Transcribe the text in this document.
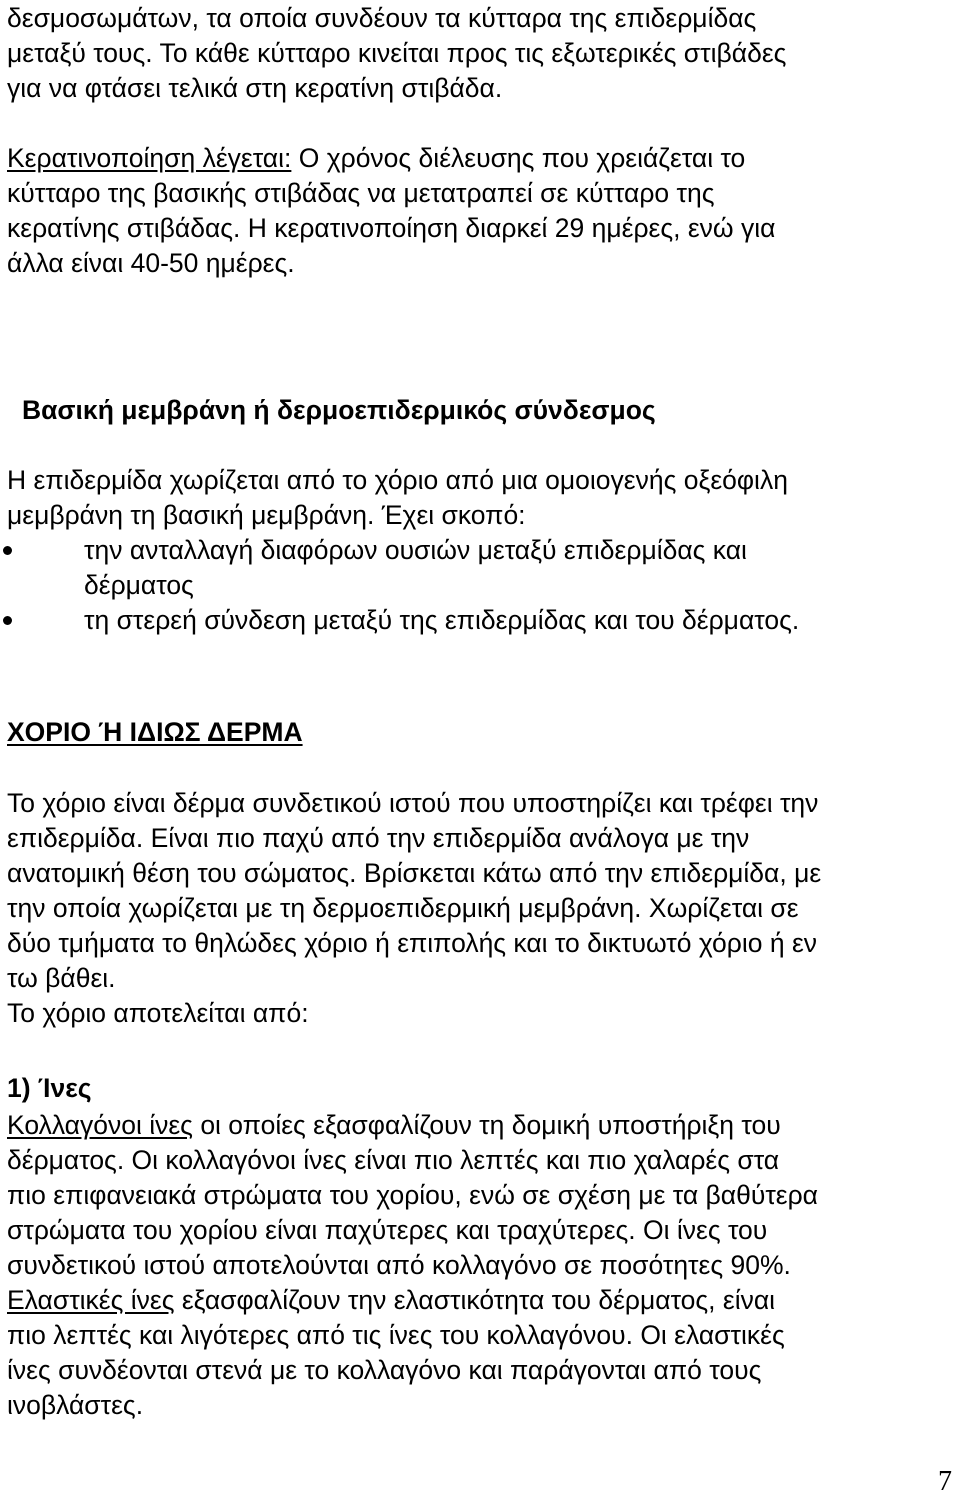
δεσμοσωμάτων, τα οποία συνδέουν τα κύτταρα της επιδερμίδας
μεταξύ τους. Το κάθε κύτταρο κινείται προς τις εξωτερικές στιβάδες
για να φτάσει τελικά στη κερατίνη στιβάδα.
Κερατινοποίηση λέγεται: Ο χρόνος διέλευσης που χρειάζεται το
κύτταρο της βασικής στιβάδας να μετατραπεί σε κύτταρο της
κερατίνης στιβάδας. Η κερατινοποίηση διαρκεί 29 ημέρες, ενώ για
άλλα είναι 40-50 ημέρες.
Βασική μεμβράνη ή δερμοεπιδερμικός σύνδεσμος
Η επιδερμίδα χωρίζεται από το χόριο από μια ομοιογενής οξεόφιλη
μεμβράνη τη βασική μεμβράνη. Έχει σκοπό:
την ανταλλαγή διαφόρων ουσιών μεταξύ επιδερμίδας και
δέρματος
τη στερεή σύνδεση μεταξύ της επιδερμίδας και του δέρματος.
ΧΟΡΙΟ Ή ΙΔΙΩΣ ΔΕΡΜΑ
Το χόριο είναι δέρμα συνδετικού ιστού που υποστηρίζει και τρέφει την
επιδερμίδα. Είναι πιο παχύ από την επιδερμίδα ανάλογα με την
ανατομική θέση του σώματος. Βρίσκεται κάτω από την επιδερμίδα, με
την οποία χωρίζεται με τη δερμοεπιδερμική μεμβράνη. Χωρίζεται σε
δύο τμήματα το θηλώδες χόριο ή επιπολής και το δικτυωτό χόριο ή εν
τω βάθει.
Το χόριο αποτελείται από:
1) Ίνες
Κολλαγόνοι ίνες οι οποίες εξασφαλίζουν τη δομική υποστήριξη του
δέρματος. Οι κολλαγόνοι ίνες είναι πιο λεπτές και πιο χαλαρές στα
πιο επιφανειακά στρώματα του χορίου, ενώ σε σχέση με τα βαθύτερα
στρώματα του χορίου είναι παχύτερες και τραχύτερες. Οι ίνες του
συνδετικού ιστού αποτελούνται από κολλαγόνο σε ποσότητες 90%.
Ελαστικές ίνες εξασφαλίζουν την ελαστικότητα του δέρματος, είναι
πιο λεπτές και λιγότερες από τις ίνες του κολλαγόνου. Οι ελαστικές
ίνες συνδέονται στενά με το κολλαγόνο και παράγονται από τους
ινοβλάστες.
7
